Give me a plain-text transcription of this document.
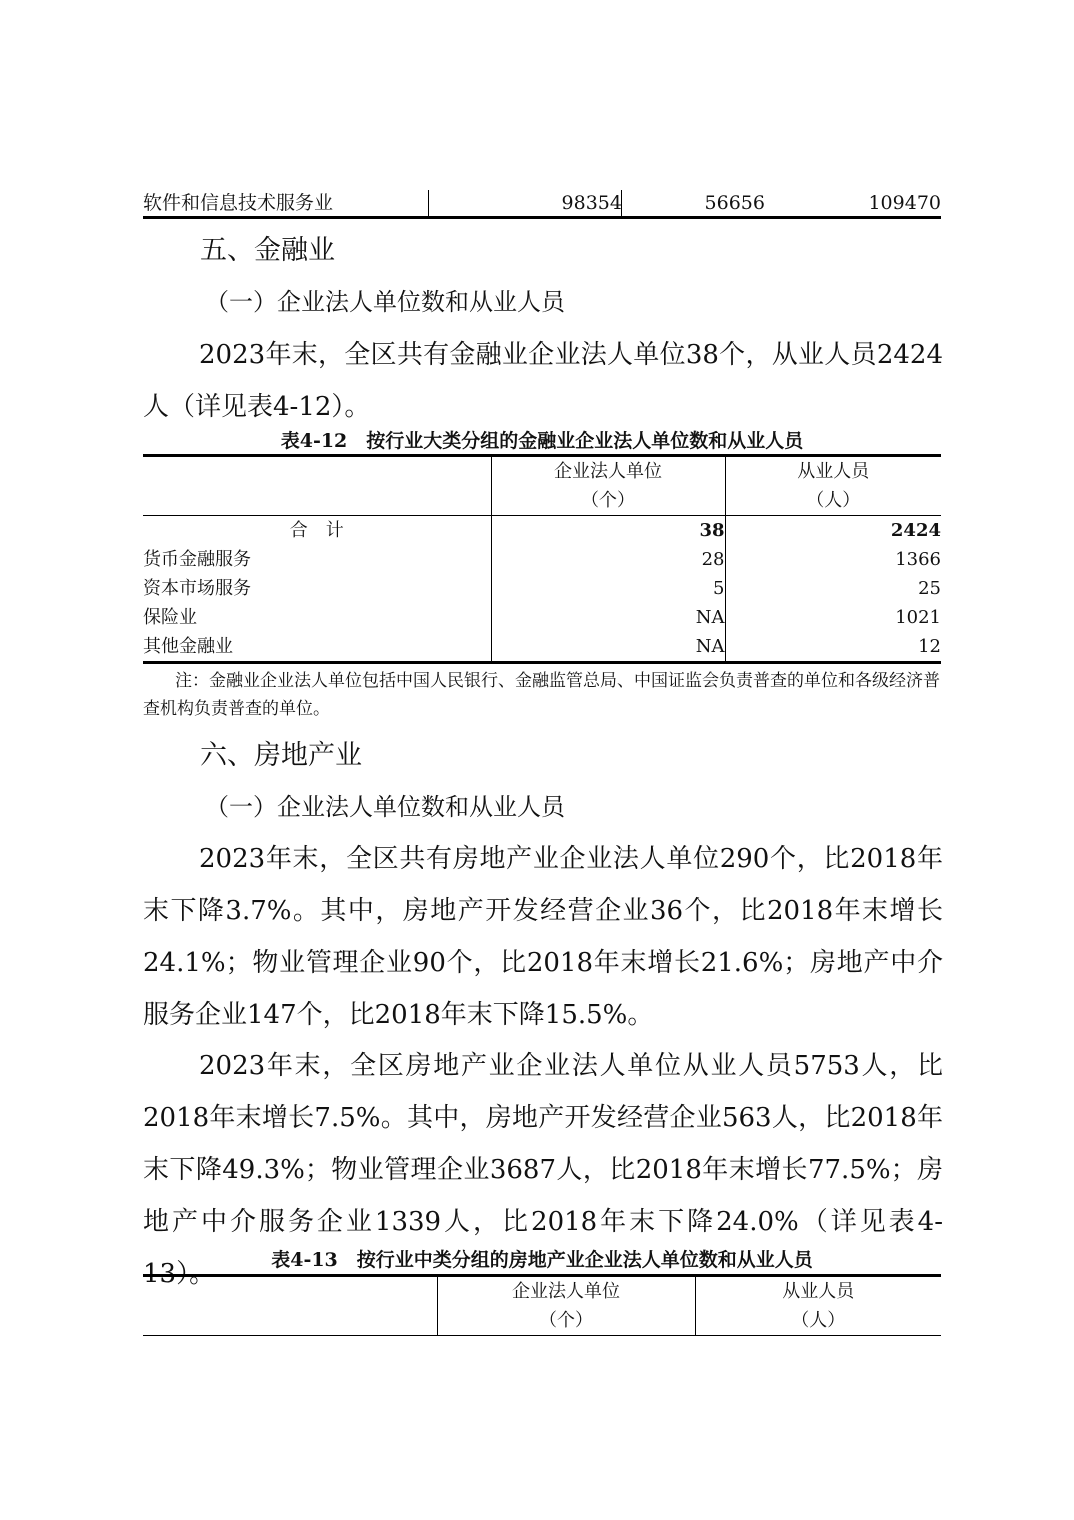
软件和信息技术服务业	98354	56656	109470
五、金融业
（一）企业法人单位数和从业人员
2023年末，全区共有金融业企业法人单位38个，从业人员2424人（详见表4-12）。
表4-12　按行业大类分组的金融业企业法人单位数和从业人员
	企业法人单位	从业人员
	（个）	（人）
合　计	38	2424
货币金融服务	28	1366
资本市场服务	5	25
保险业	NA	1021
其他金融业	NA	12
注：金融业企业法人单位包括中国人民银行、金融监管总局、中国证监会负责普查的单位和各级经济普查机构负责普查的单位。
六、房地产业
（一）企业法人单位数和从业人员
2023年末，全区共有房地产业企业法人单位290个，比2018年末下降3.7%。其中，房地产开发经营企业36个，比2018年末增长24.1%；物业管理企业90个，比2018年末增长21.6%；房地产中介服务企业147个，比2018年末下降15.5%。
2023年末，全区房地产业企业法人单位从业人员5753人，比2018年末增长7.5%。其中，房地产开发经营企业563人，比2018年末下降49.3%；物业管理企业3687人，比2018年末增长77.5%；房地产中介服务企业1339人，比2018年末下降24.0%（详见表4-13）。	表4-13　按行业中类分组的房地产业企业法人单位数和从业人员
	企业法人单位	从业人员
	（个）	（人）
